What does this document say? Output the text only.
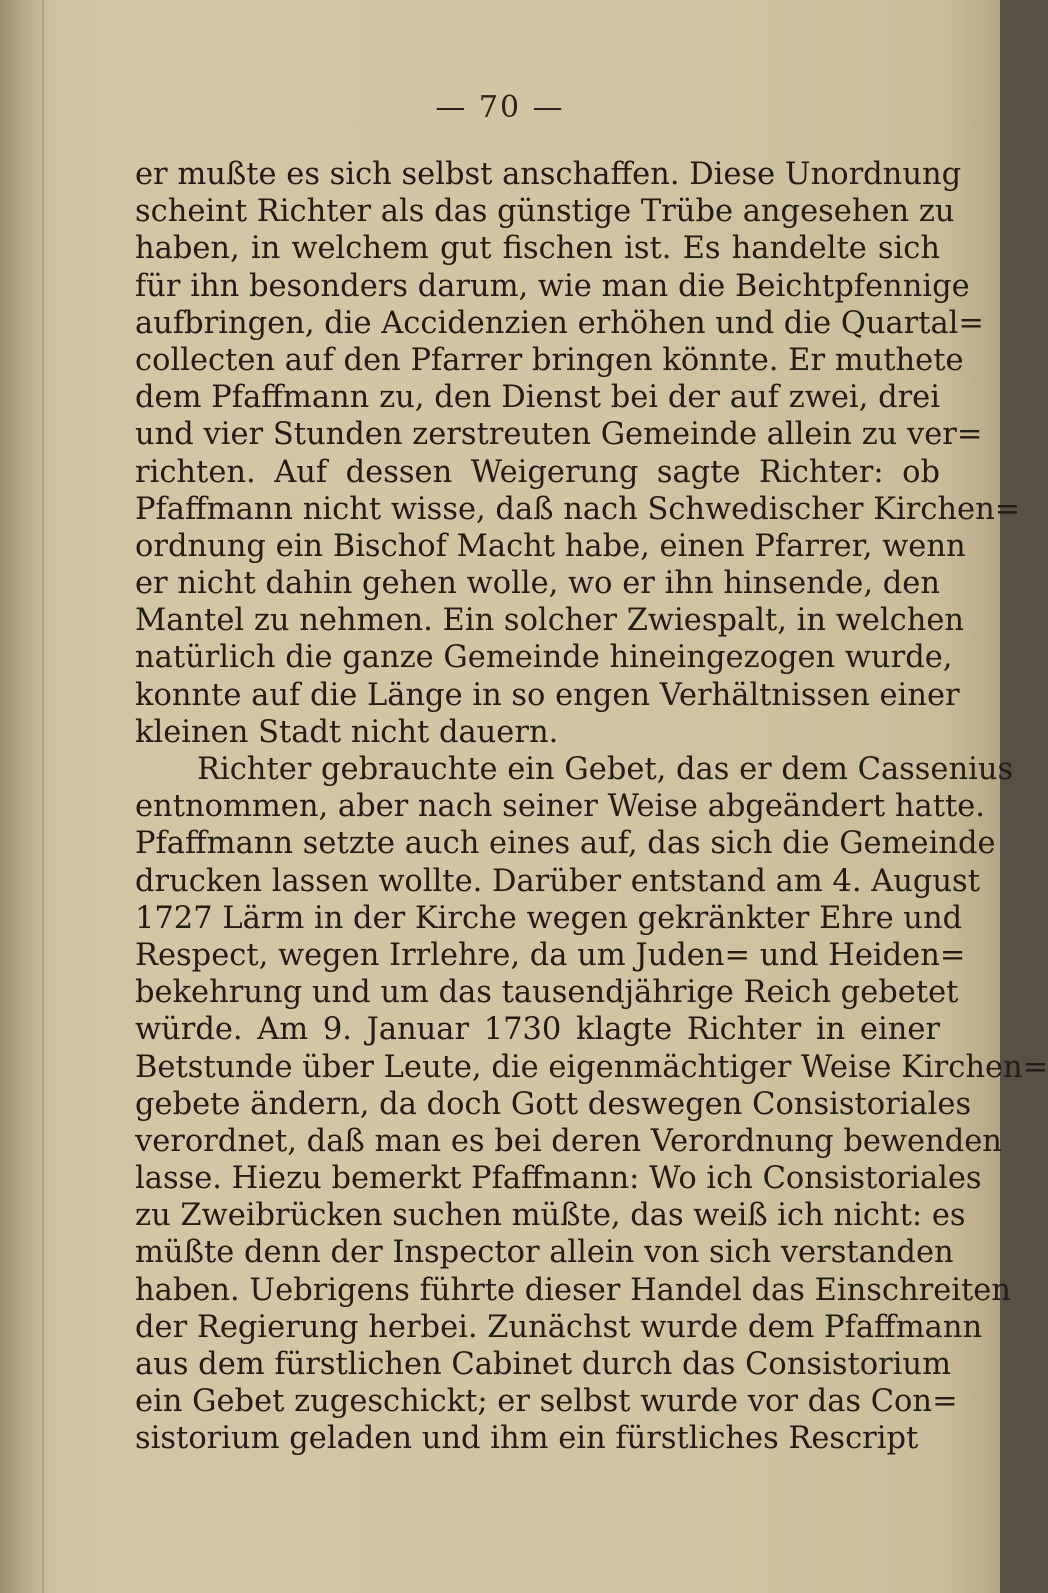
— 70 —
er mußte es sich selbst anschaffen. Diese Unordnung
scheint Richter als das günstige Trübe angesehen zu
haben, in welchem gut fischen ist. Es handelte sich
für ihn besonders darum, wie man die Beichtpfennige
aufbringen, die Accidenzien erhöhen und die Quartal=
collecten auf den Pfarrer bringen könnte. Er muthete
dem Pfaffmann zu, den Dienst bei der auf zwei, drei
und vier Stunden zerstreuten Gemeinde allein zu ver=
richten. Auf dessen Weigerung sagte Richter: ob
Pfaffmann nicht wisse, daß nach Schwedischer Kirchen=
ordnung ein Bischof Macht habe, einen Pfarrer, wenn
er nicht dahin gehen wolle, wo er ihn hinsende, den
Mantel zu nehmen. Ein solcher Zwiespalt, in welchen
natürlich die ganze Gemeinde hineingezogen wurde,
konnte auf die Länge in so engen Verhältnissen einer
kleinen Stadt nicht dauern.
Richter gebrauchte ein Gebet, das er dem Cassenius
entnommen, aber nach seiner Weise abgeändert hatte.
Pfaffmann setzte auch eines auf, das sich die Gemeinde
drucken lassen wollte. Darüber entstand am 4. August
1727 Lärm in der Kirche wegen gekränkter Ehre und
Respect, wegen Irrlehre, da um Juden= und Heiden=
bekehrung und um das tausendjährige Reich gebetet
würde. Am 9. Januar 1730 klagte Richter in einer
Betstunde über Leute, die eigenmächtiger Weise Kirchen=
gebete ändern, da doch Gott deswegen Consistoriales
verordnet, daß man es bei deren Verordnung bewenden
lasse. Hiezu bemerkt Pfaffmann: Wo ich Consistoriales
zu Zweibrücken suchen müßte, das weiß ich nicht: es
müßte denn der Inspector allein von sich verstanden
haben. Uebrigens führte dieser Handel das Einschreiten
der Regierung herbei. Zunächst wurde dem Pfaffmann
aus dem fürstlichen Cabinet durch das Consistorium
ein Gebet zugeschickt; er selbst wurde vor das Con=
sistorium geladen und ihm ein fürstliches Rescript
